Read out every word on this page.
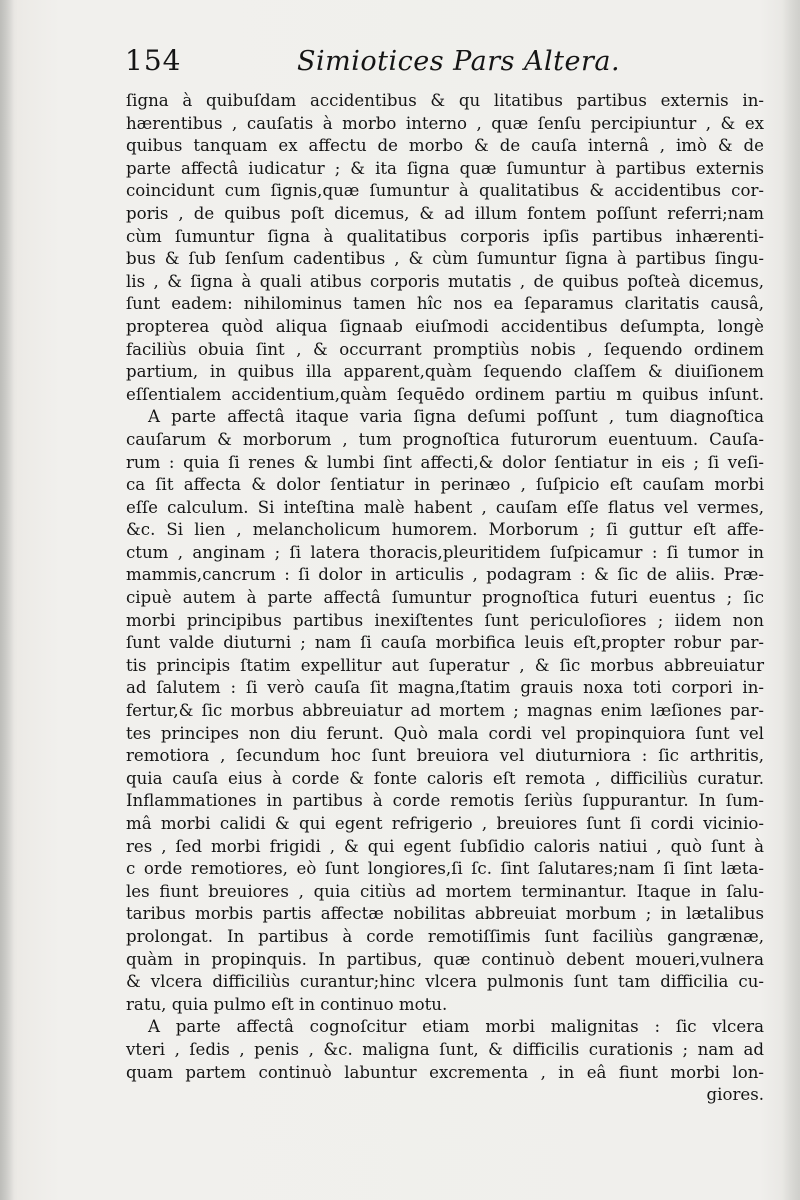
154	Simiotices Pars Altera.
ſigna à quibuſdam accidentibus & qu litatibus partibus externis in-
hærentibus , cauſatis à morbo interno , quæ ſenſu percipiuntur , & ex
quibus tanquam ex affectu de morbo & de cauſa internâ , imò & de
parte affectâ iudicatur ; & ita ſigna quæ ſumuntur à partibus externis
coincidunt cum ſignis,quæ ſumuntur à qualitatibus & accidentibus cor-
poris , de quibus poſt dicemus, & ad illum fontem poſſunt referri;nam
cùm ſumuntur ſigna à qualitatibus corporis ipſis partibus inhærenti-
bus & ſub ſenſum cadentibus , & cùm ſumuntur ſigna à partibus ſingu-
lis , & ſigna à quali atibus corporis mutatis , de quibus poſteà dicemus,
ſunt eadem: nihilominus tamen hîc nos ea ſeparamus claritatis causâ,
propterea quòd aliqua ſignaab eiuſmodi accidentibus deſumpta, longè
faciliùs obuia ſint , & occurrant promptiùs nobis , ſequendo ordinem
partium, in quibus illa apparent,quàm ſequendo claſſem & diuiſionem
eſſentialem accidentium,quàm ſequēdo ordinem partiu m quibus inſunt.
A parte affectâ itaque varia ſigna deſumi poſſunt , tum diagnoſtica
cauſarum & morborum , tum prognoſtica futurorum euentuum. Cauſa-
rum : quia ſi renes & lumbi ſint affecti,& dolor ſentiatur in eis ; ſi veſi-
ca ſit affecta & dolor ſentiatur in perinæo , ſuſpicio eſt cauſam morbi
eſſe calculum. Si inteſtina malè habent , cauſam eſſe flatus vel vermes,
&c. Si lien , melancholicum humorem. Morborum ; ſi guttur eſt affe-
ctum , anginam ; ſi latera thoracis,pleuritidem ſuſpicamur : ſi tumor in
mammis,cancrum : ſi dolor in articulis , podagram : & ſic de aliis. Præ-
cipuè autem à parte affectâ ſumuntur prognoſtica futuri euentus ; ſic
morbi principibus partibus inexiſtentes ſunt periculoſiores ; iidem non
ſunt valde diuturni ; nam ſi cauſa morbifica leuis eſt,propter robur par-
tis principis ſtatim expellitur aut ſuperatur , & ſic morbus abbreuiatur
ad ſalutem : ſi verò cauſa ſit magna,ſtatim grauis noxa toti corpori in-
fertur,& ſic morbus abbreuiatur ad mortem ; magnas enim læſiones par-
tes principes non diu ferunt. Quò mala cordi vel propinquiora ſunt vel
remotiora , ſecundum hoc ſunt breuiora vel diuturniora : ſic arthritis,
quia cauſa eius à corde & fonte caloris eſt remota , difficiliùs curatur.
Inflammationes in partibus à corde remotis ſeriùs ſuppurantur. In ſum-
mâ morbi calidi & qui egent refrigerio , breuiores ſunt ſi cordi vicinio-
res , ſed morbi frigidi , & qui egent ſubſidio caloris natiui , quò ſunt à
c orde remotiores, eò ſunt longiores,ſi ſc. ſint ſalutares;nam ſi ſint læta-
les fiunt breuiores , quia citiùs ad mortem terminantur. Itaque in ſalu-
taribus morbis partis affectæ nobilitas abbreuiat morbum ; in lætalibus
prolongat. In partibus à corde remotiſſimis ſunt faciliùs gangrænæ,
quàm in propinquis. In partibus, quæ continuò debent moueri,vulnera
& vlcera difficiliùs curantur;hinc vlcera pulmonis ſunt tam difficilia cu-
ratu, quia pulmo eſt in continuo motu.
A parte affectâ cognoſcitur etiam morbi malignitas : ſic vlcera
vteri , ſedis , penis , &c. maligna ſunt, & difficilis curationis ; nam ad
quam partem continuò labuntur excrementa , in eâ fiunt morbi lon-
giores.
